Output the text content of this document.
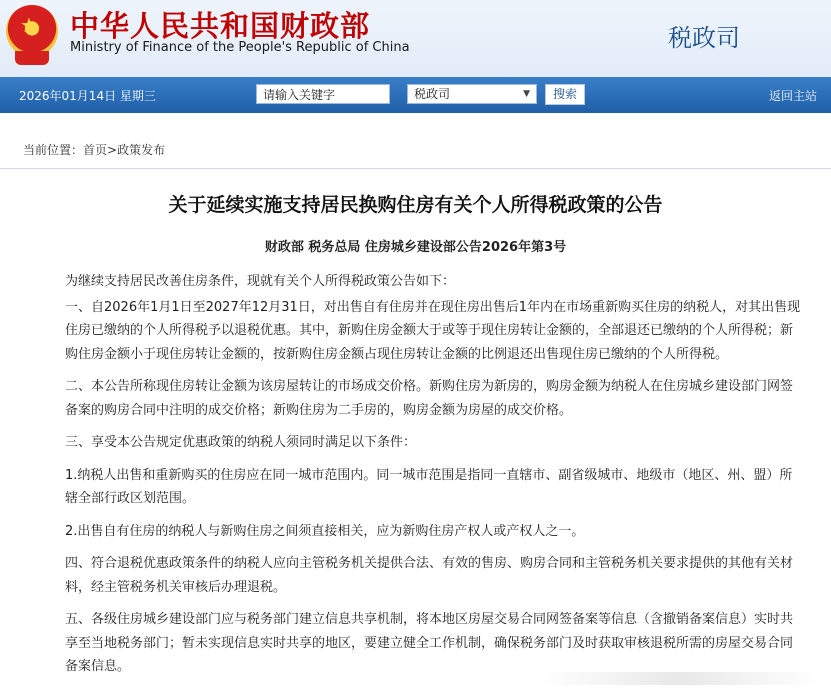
★ 中华人民共和国财政部
Ministry of Finance of the People's Republic of China	税政司
2026年01月14日 星期三
请输入关键字	税政司	▼	搜索	返回主站
当前位置：首页>政策发布
关于延续实施支持居民换购住房有关个人所得税政策的公告
财政部 税务总局 住房城乡建设部公告2026年第3号

为继续支持居民改善住房条件，现就有关个人所得税政策公告如下：

一、自2026年1月1日至2027年12月31日，对出售自有住房并在现住房出售后1年内在市场重新购买住房的纳税人，对其出售现住房已缴纳的个人所得税予以退税优惠。其中，新购住房金额大于或等于现住房转让金额的，全部退还已缴纳的个人所得税；新购住房金额小于现住房转让金额的，按新购住房金额占现住房转让金额的比例退还出售现住房已缴纳的个人所得税。

二、本公告所称现住房转让金额为该房屋转让的市场成交价格。新购住房为新房的，购房金额为纳税人在住房城乡建设部门网签备案的购房合同中注明的成交价格；新购住房为二手房的，购房金额为房屋的成交价格。

三、享受本公告规定优惠政策的纳税人须同时满足以下条件：

1.纳税人出售和重新购买的住房应在同一城市范围内。同一城市范围是指同一直辖市、副省级城市、地级市（地区、州、盟）所辖全部行政区划范围。

2.出售自有住房的纳税人与新购住房之间须直接相关，应为新购住房产权人或产权人之一。

四、符合退税优惠政策条件的纳税人应向主管税务机关提供合法、有效的售房、购房合同和主管税务机关要求提供的其他有关材料，经主管税务机关审核后办理退税。

五、各级住房城乡建设部门应与税务部门建立信息共享机制，将本地区房屋交易合同网签备案等信息（含撤销备案信息）实时共享至当地税务部门；暂未实现信息实时共享的地区，要建立健全工作机制，确保税务部门及时获取审核退税所需的房屋交易合同备案信息。
